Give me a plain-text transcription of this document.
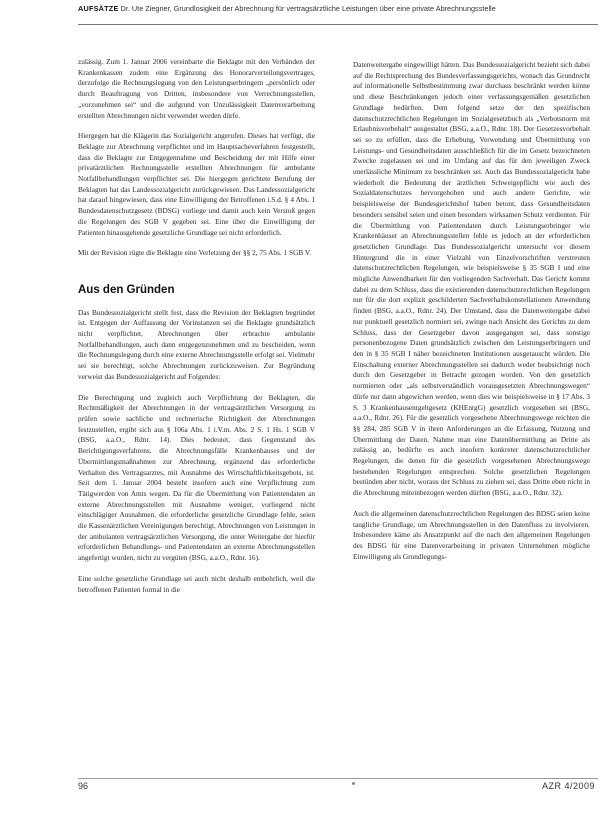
AUFSÄTZE Dr. Ute Ziegner, Grundlosigkeit der Abrechnung für vertragsärztliche Leistungen über eine private Abrechnungsstelle

zulässig. Zum 1. Januar 2006 vereinbarte die Beklagte mit den Verbänden der Krankenkassen zudem eine Ergänzung des Honorarverteilungsvertrages, derzufolge die Rechnungslegung von den Leistungserbringern „persönlich oder durch Beauftragung von Dritten, insbesondere von Verrechnungsstellen, „vorzunehmen sei“ und die aufgrund von Unzulässigkeit Datenverarbeitung erstellten Abrechnungen nicht verwendet werden dürfe.

Hiergegen hat die Klägerin das Sozialgericht angerufen. Dieses hat verfügt, die Beklagte zur Abrechnung verpflichtet und im Hauptsacheverfahren festgestellt, dass die Beklagte zur Entgegennahme und Bescheidung der mit Hilfe einer privatärztlichen Rechnungsstelle erstellten Abrechnungen für ambulante Notfallbehandlungen verpflichtet sei. Die hiergegen gerichtete Berufung der Beklagten hat das Landessozialgericht zurückgewiesen. Das Landessozialgericht hat darauf hingewiesen, dass eine Einwilligung der Betroffenen i.S.d. § 4 Abs. 1 Bundesdatenschutzgesetz (BDSG) vorliege und damit auch kein Verstoß gegen die Regelungen des SGB V gegeben sei. Eine über die Einwilligung der Patienten hinausgehende gesetzliche Grundlage sei nicht erforderlich.

Mit der Revision rügte die Beklagte eine Verletzung der §§ 2, 75 Abs. 1 SGB V.

Aus den Gründen

Das Bundessozialgericht stellt fest, dass die Revision der Beklagten begründet ist. Entgegen der Auffassung der Vorinstanzen sei die Beklagte grundsätzlich nicht verpflichtet, Abrechnungen über erbrachte ambulante Notfallbehandlungen, auch dann entgegenzunehmen und zu bescheiden, wenn die Rechnungslegung durch eine externe Abrechnungsstelle erfolgt sei. Vielmehr sei sie berechtigt, solche Abrechnungen zurückzuweisen. Zur Begründung verweist das Bundessozialgericht auf Folgendes:

Die Berechtigung und zugleich auch Verpflichtung der Beklagten, die Rechtmäßigkeit der Abrechnungen in der vertragsärztlichen Versorgung zu prüfen sowie sachliche und rechnerische Richtigkeit der Abrechnungen festzustellen, ergibt sich aus § 106a Abs. 1 i.V.m. Abs. 2 S. 1 Hs. 1 SGB V (BSG, a.a.O., Rdnr. 14). Dies bedeutet, dass Gegenstand des Berichtigungsverfahrens, die Abrechnungsfälle Krankenhauses und der Übermittlungsmaßnahmen zur Abrechnung, ergänzend das erforderliche Verhalten des Vertragsarztes, mit Ausnahme des Wirtschaftlichkeitsgebots, ist. Seit dem 1. Januar 2004 besteht insofern auch eine Verpflichtung zum Tätigwerden von Amts wegen. Da für die Übermittlung von Patientendaten an externe Abrechnungsstellen mit Ausnahme weniger, vorliegend nicht einschlägiger Ausnahmen, die erforderliche gesetzliche Grundlage fehle, seien die Kassenärztlichen Vereinigungen berechtigt, Abrechnungen von Leistungen in der ambulanten vertragsärztlichen Versorgung, die unter Weitergabe der hierfür erforderlichen Behandlungs- und Patientendaten an externe Abrechnungsstellen angefertigt wurden, nicht zu vergüten (BSG, a.a.O., Rdnr. 16).

Eine solche gesetzliche Grundlage sei auch nicht deshalb entbehrlich, weil die betroffenen Patienten formal in die

Datenweitergabe eingewilligt hätten. Das Bundessozialgericht bezieht sich dabei auf die Rechtsprechung des Bundesverfassungsgerichts, wonach das Grundrecht auf informationelle Selbstbestimmung zwar durchaus beschränkt werden könne und diese Beschränkungen jedoch einer verfassungsgemäßen gesetzlichen Grundlage bedürften. Dem folgend setze der den spezifischen datenschutzrechtlichen Regelungen im Sozialgesetzbuch als „Verbotsnorm mit Erlaubnisvorbehalt“ ausgestaltet (BSG, a.a.O., Rdnr. 18). Der Gesetzesvorbehalt sei so zu erfüllen, dass die Erhebung, Verwendung und Übermittlung von Leistungs- und Gesundheitsdaten ausschließlich für die im Gesetz bezeichneten Zwecke zugelassen sei und im Umfang auf das für den jeweiligen Zweck unerlässliche Minimum zu beschränken sei. Auch das Bundessozialgericht habe wiederholt die Bedeutung der ärztlichen Schweigepflicht wie auch des Sozialdatenschutzes hervorgehoben und auch andere Gerichte, wie beispielsweise der Bundesgerichtshof haben betont, dass Gesundheitsdaten besonders sensibel seien und einen besonders wirksamen Schutz verdienten. Für die Übermittlung von Patientendaten durch Leistungserbringer wie Krankenhäuser an Abrechnungsstellen fehle es jedoch an der erforderlichen gesetzlichen Grundlage. Das Bundessozialgericht untersucht vor diesem Hintergrund die in einer Vielzahl von Einzelvorschriften verstreuten datenschutzrechtlichen Regelungen, wie beispielsweise § 35 SGB I und eine mögliche Anwendbarkeit für den vorliegenden Sachverhalt. Das Gericht kommt dabei zu dem Schluss, dass die existierenden datenschutzrechtlichen Regelungen nur für die dort explizit geschilderten Sachverhaltskonstellationen Anwendung finden (BSG, a.a.O., Rdnr. 24). Der Umstand, dass die Datenweitergabe dabei nur punktuell gesetzlich normiert sei, zwinge nach Ansicht des Gerichts zu dem Schluss, dass der Gesetzgeber davon ausgegangen sei, dass sonstige personenbezogene Daten grundsätzlich zwischen den Leistungserbringern und den in § 35 SGB I näher bezeichneten Institutionen ausgetauscht würden. Die Einschaltung externer Abrechnungsstellen sei dadurch weder beabsichtigt noch durch den Gesetzgeber in Betracht gezogen worden. Von den gesetzlich normierten oder „als selbstverständlich vorausgesetzten Abrechnungswegen“ dürfe nur dann abgewichen werden, wenn dies wie beispielsweise in § 17 Abs. 3 S. 3 Krankenhausentgeltgesetz (KHEntgG) gesetzlich vorgesehen sei (BSG, a.a.O., Rdnr. 26). Für die gesetzlich vorgesehene Abrechnungswege reichten die §§ 284, 285 SGB V in ihren Anforderungen an die Erfassung, Nutzung und Übermittlung der Daten. Nahme man eine Datenübermittlung an Dritte als zulässig an, bedürfte es auch insofern konkreter datenschutzrechtlicher Regelungen, die denen für die gesetzlich vorgesehenen Abrechnungswege bestehenden Regelungen entsprechen. Solche gesetzlichen Regelungen bestünden aber nicht, woraus der Schluss zu ziehen sei, dass Dritte eben nicht in die Abrechnung miteinbezogen werden dürften (BSG, a.a.O., Rdnr. 32).

Auch die allgemeinen datenschutzrechtlichen Regelungen des BDSG seien keine taugliche Grundlage, um Abrechnungsstellen in den Datenfluss zu involvieren. Insbesondere käme als Ansatzpunkt auf die nach den allgemeinen Regelungen des BDSG für eine Datenverarbeitung in privaten Unternehmen mögliche Einwilligung als Grundlegungs-

96	AZR 4/2009
